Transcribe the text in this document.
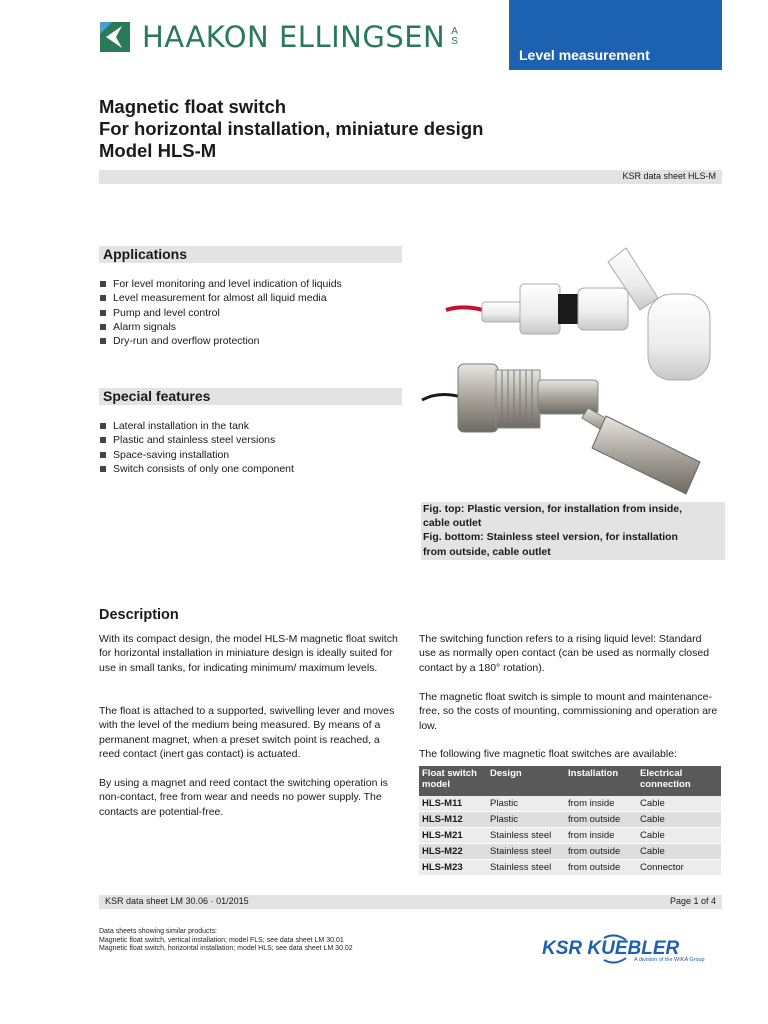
HAAKON ELLINGSEN AS
Level measurement
Magnetic float switch
For horizontal installation, miniature design
Model HLS-M
KSR data sheet HLS-M
Applications
For level monitoring and level indication of liquids
Level measurement for almost all liquid media
Pump and level control
Alarm signals
Dry-run and overflow protection
Special features
Lateral installation in the tank
Plastic and stainless steel versions
Space-saving installation
Switch consists of only one component
Fig. top: Plastic version, for installation from inside,
cable outlet
Fig. bottom: Stainless steel version, for installation
from outside, cable outlet
Description
With its compact design, the model HLS-M magnetic float switch for horizontal installation in miniature design is ideally suited for use in small tanks, for indicating minimum/ maximum levels.
The float is attached to a supported, swivelling lever and moves with the level of the medium being measured. By means of a permanent magnet, when a preset switch point is reached, a reed contact (inert gas contact) is actuated.
By using a magnet and reed contact the switching operation is non-contact, free from wear and needs no power supply. The contacts are potential-free.
The switching function refers to a rising liquid level: Standard use as normally open contact (can be used as normally closed contact by a 180° rotation).
The magnetic float switch is simple to mount and maintenance-free, so the costs of mounting, commissioning and operation are low.
The following five magnetic float switches are available:
Float switch model	Design	Installation	Electrical connection
HLS-M11	Plastic	from inside	Cable
HLS-M12	Plastic	from outside	Cable
HLS-M21	Stainless steel	from inside	Cable
HLS-M22	Stainless steel	from outside	Cable
HLS-M23	Stainless steel	from outside	Connector
KSR data sheet LM 30.06 · 01/2015	Page 1 of 4
Data sheets showing similar products:
Magnetic float switch, vertical installation; model FLS; see data sheet LM 30.01
Magnetic float switch, horizontal installation; model HLS; see data sheet LM 30.02	KSR KUEBLER
A division of the WIKA Group
